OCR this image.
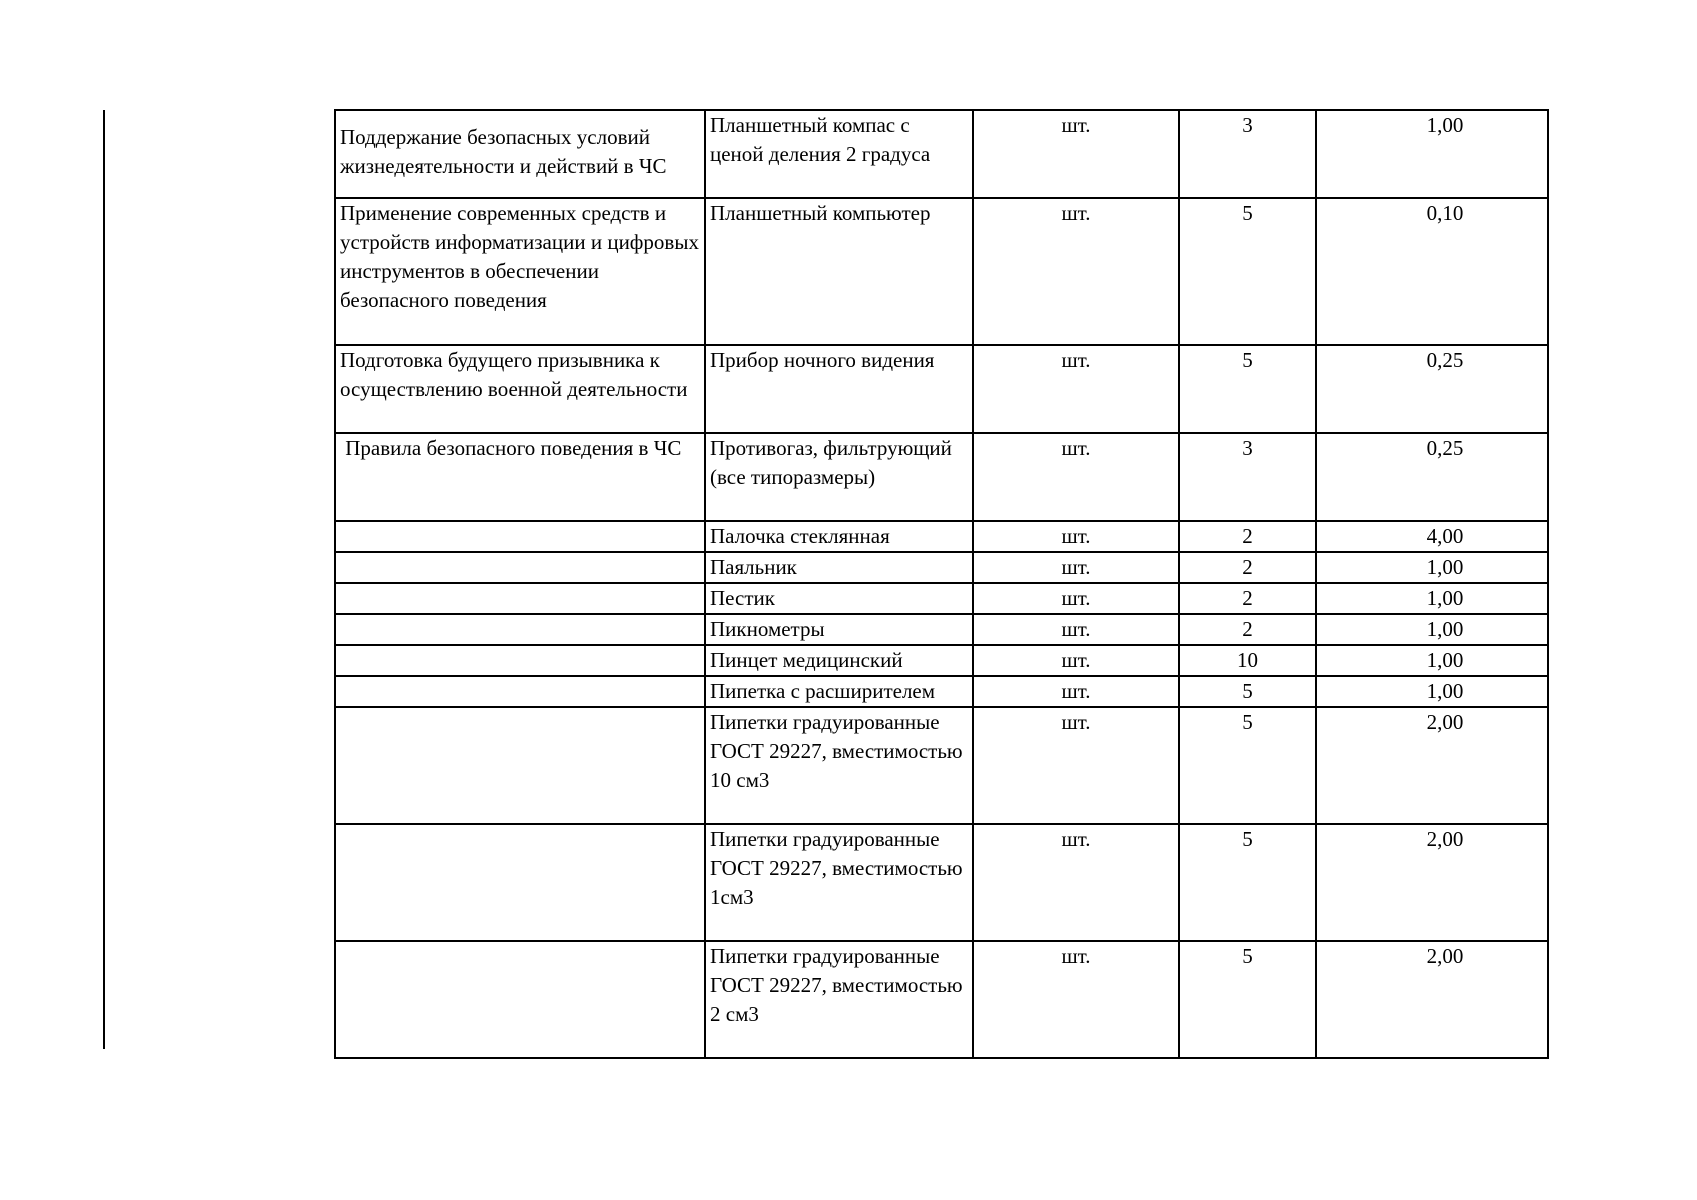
Поддержание безопасных условий жизнедеятельности и действий в ЧС	Планшетный компас с ценой деления 2 градуса	шт.	3	1,00
Применение современных средств и устройств информатизации и цифровых инструментов в обеспечении безопасного поведения	Планшетный компьютер	шт.	5	0,10
Подготовка будущего призывника к осуществлению военной деятельности	Прибор ночного видения	шт.	5	0,25
Правила безопасного поведения в ЧС	Противогаз, фильтрующий (все типоразмеры)	шт.	3	0,25
	Палочка стеклянная	шт.	2	4,00
	Паяльник	шт.	2	1,00
	Пестик	шт.	2	1,00
	Пикнометры	шт.	2	1,00
	Пинцет медицинский	шт.	10	1,00
	Пипетка с расширителем	шт.	5	1,00
	Пипетки градуированные ГОСТ 29227, вместимостью 10 см3	шт.	5	2,00
	Пипетки градуированные ГОСТ 29227, вместимостью 1см3	шт.	5	2,00
	Пипетки градуированные ГОСТ 29227, вместимостью 2 см3	шт.	5	2,00
